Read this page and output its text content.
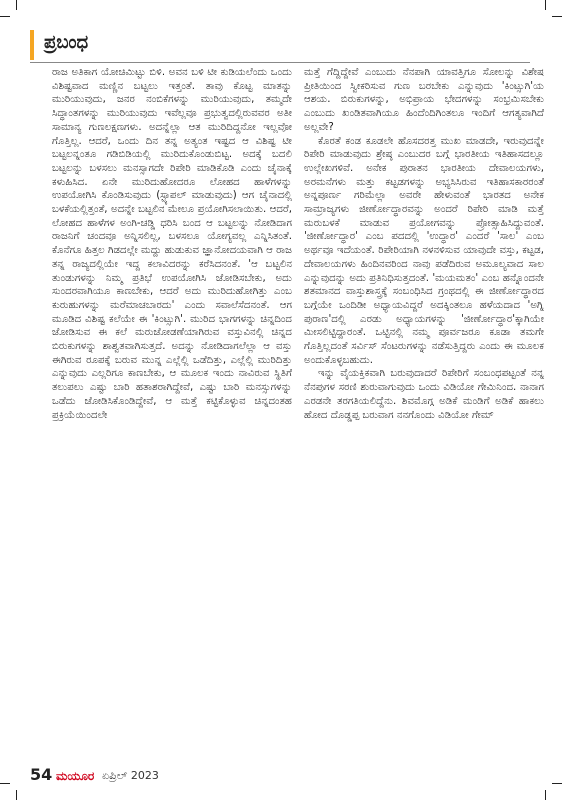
ಪ್ರಬಂಧ

ರಾಜ ಅತಿಕಾಗ ಯೋಚಿಮಿಟ್ಟು ಬಿಳಿ. ಅವನ ಬಳಿ ಟೀ ಕುಡಿಯಲೆಂದು ಒಂದು ವಿಶಿಷ್ಟವಾದ ಮಣ್ಣಿನ ಬಟ್ಟಲು ಇತ್ತಂತೆ. ತಾವು ಕೊಟ್ಟ ಮಾತನ್ನು ಮುರಿಯುವುದು, ಜನರ ನಂಬಿಕೆಗಳನ್ನು ಮುರಿಯುವುದು, ತಮ್ಮದೇ ಸಿದ್ಧಾಂತಗಳನ್ನು ಮುರಿಯುವುದು ಇವೆಲ್ಲವೂ ಪ್ರಭುತ್ವದಲ್ಲಿರುವವರ ಅತೀ ಸಾಮಾನ್ಯ ಗುಣಲಕ್ಷಣಗಳು. ಅದನ್ನೆಲ್ಲಾ ಆತ ಮುರಿದಿದ್ದನೋ ಇಲ್ಲವೋ ಗೊತ್ತಿಲ್ಲ. ಆದರೆ, ಒಂದು ದಿನ ತನ್ನ ಅತ್ಯಂತ ಇಷ್ಟದ ಆ ವಿಶಿಷ್ಟ ಟೀ ಬಟ್ಟಲನ್ನಂತೂ ಗಡಿಬಿಡಿಯಲ್ಲಿ ಮುರಿದುಕೊಂಡುಬಿಟ್ಟ. ಅದಕ್ಕೆ ಬದಲಿ ಬಟ್ಟಲನ್ನು ಬಳಸಲು ಮನಸ್ಸಾಗದೇ ರಿಪೇರಿ ಮಾಡಿಕೊಡಿ ಎಂದು ಚೈನಾಕ್ಕೆ ಕಳುಹಿಸಿದ. ಏನೇ ಮುರಿದುಹೋದರೂ ಲೋಹದ ಹಾಳೆಗಳನ್ನು ಉಪಯೋಗಿಸಿ ಕೊಂಡಿಸುವುದು (ಸ್ಟ್ಯಾಪಲ್ ಮಾಡುವುದು) ಆಗ ಚೈನಾದಲ್ಲಿ ಬಳಕೆಯಲ್ಲಿತ್ತಂತೆ, ಅದನ್ನೇ ಬಟ್ಟಲಿನ ಮೇಲೂ ಪ್ರಯೋಗಿಸಲಾಯಿತು. ಆದರೆ, ಲೋಹದ ಹಾಳೆಗಳ ಅಂಗಿ-ಚಡ್ಡಿ ಧರಿಸಿ ಬಂದ ಆ ಬಟ್ಟಲನ್ನು ನೋಡಿದಾಗ ರಾಜನಿಗೆ ಚಂದವೂ ಅನ್ನಿಸಲಿಲ್ಲ, ಬಳಸಲೂ ಯೋಗ್ಯವಲ್ಲ ಎನ್ನಿಸಿತಂತೆ. ಕೊನೆಗೂ ಹಿತ್ತಲ ಗಿಡದಲ್ಲೇ ಮದ್ದು ಹುಡುಕುವ ಜ್ಞಾನೋದಯವಾಗಿ ಆ ರಾಜ ತನ್ನ ರಾಜ್ಯದಲ್ಲಿಯೇ ಇದ್ದ ಕಲಾವಿದರನ್ನು ಕರೆಸಿದನಂತೆ. 'ಆ ಬಟ್ಟಲಿನ ತುಂಡುಗಳನ್ನು ನಿಮ್ಮ ಪ್ರತಿಭೆ ಉಪಯೋಗಿಸಿ ಜೋಡಿಸಬೇಕು, ಅದು ಸುಂದರವಾಗಿಯೂ ಕಾಣಬೇಕು, ಆದರೆ ಅದು ಮುರಿದುಹೋಗಿತ್ತು ಎಂಬ ಕುರುಹುಗಳನ್ನು ಮರೆಮಾಚಬಾರದು' ಎಂದು ಸವಾಲೆಸೆದನಂತೆ. ಆಗ ಮೂಡಿದ ವಿಶಿಷ್ಟ ಕಲೆಯೇ ಈ 'ಕಿಂಟ್ಸುಗಿ'. ಮುರಿದ ಭಾಗಗಳನ್ನು ಚಿನ್ನದಿಂದ ಜೋಡಿಸುವ ಈ ಕಲೆ ಮರುಜೋಡಣೆಯಾಗಿರುವ ವಸ್ತುವಿನಲ್ಲಿ ಚಿನ್ನದ ಬಿರುಕುಗಳನ್ನು ಶಾಶ್ವತವಾಗಿಸುತ್ತದೆ. ಅದನ್ನು ನೋಡಿದಾಗಲೆಲ್ಲಾ ಆ ವಸ್ತು ಈಗಿರುವ ರೂಪಕ್ಕೆ ಬರುವ ಮುನ್ನ ಎಲ್ಲೆಲ್ಲಿ ಒಡೆದಿತ್ತು, ಎಲ್ಲೆಲ್ಲಿ ಮುರಿದಿತ್ತು ಎನ್ನುವುದು ಎಲ್ಲರಿಗೂ ಕಾಣಬೇಕು, ಆ ಮೂಲಕ ಇಂದು ನಾವಿರುವ ಸ್ಥಿತಿಗೆ ತಲುಪಲು ಎಷ್ಟು ಬಾರಿ ಹತಾಶರಾಗಿದ್ದೇವೆ, ಎಷ್ಟು ಬಾರಿ ಮನಸ್ಸುಗಳನ್ನು ಒಡೆದು ಜೋಡಿಸಿಕೊಂಡಿದ್ದೇವೆ, ಆ ಮತ್ತೆ ಕಟ್ಟಿಕೊಳ್ಳುವ ಚಿನ್ನದಂತಹ ಪ್ರಕ್ರಿಯೆಯಿಂದಲೇ

ಮತ್ತೆ ಗೆದ್ದಿದ್ದೇವೆ ಎಂಬುದು ನೆನಪಾಗಿ ಯಾವತ್ತಿಗೂ ಸೋಲನ್ನು ವಿಶೇಷ ಪ್ರೀತಿಯಿಂದ ಸ್ವೀಕರಿಸುವ ಗುಣ ಬರಬೇಕು ಎನ್ನುವುದು 'ಕಿಂಟ್ಸುಗಿ'ಯ ಆಶಯ. ಬಿರುಕುಗಳನ್ನು, ಅಭಿಪ್ರಾಯ ಭೇದಗಳನ್ನು ಸಂಭ್ರಮಿಸಬೇಕು ಎಂಬುದು ಖಂಡಿತವಾಗಿಯೂ ಹಿಂದೆಂದಿಗಿಂತಲೂ ಇಂದಿಗೆ ಆಗತ್ಯವಾಗಿದೆ ಅಲ್ಲವೇ?

ಕೊರತೆ ಕಂಡ ಕೂಡಲೇ ಹೊಸದರತ್ತ ಮುಖ ಮಾಡದೇ, ಇರುವುದನ್ನೇ ರಿಪೇರಿ ಮಾಡುವುದು ಶ್ರೇಷ್ಠ ಎಂಬುದರ ಬಗ್ಗೆ ಭಾರತೀಯ ಇತಿಹಾಸದಲ್ಲೂ ಉಲ್ಲೇಖಗಳಿವೆ. ಅನೇಕ ಪುರಾತನ ಭಾರತೀಯ ದೇವಾಲಯಗಳು, ಅರಮನೆಗಳು ಮತ್ತು ಕಟ್ಟಡಗಳನ್ನು ಅಭ್ಯಸಿಸಿರುವ ಇತಿಹಾಸಕಾರರಂತೆ ಅನ್ನಪೂರ್ಣ ಗರಿಮೆಲ್ಲಾ ಅವರೇ ಹೇಳುವಂತೆ ಭಾರತದ ಅನೇಕ ಸಾಮ್ರಾಜ್ಯಗಳು ಜೀರ್ಣೋದ್ಧಾರವನ್ನು ಅಂದರೆ ರಿಪೇರಿ ಮಾಡಿ ಮತ್ತೆ ಮರುಬಳಕೆ ಮಾಡುವ ಪ್ರಯೋಗವನ್ನು ಪ್ರೋತ್ಸಾಹಿಸಿದ್ದುವಂತೆ. 'ಜೀರ್ಣೋದ್ಧಾರ' ಎಂಬ ಪದದಲ್ಲಿ 'ಉದ್ಧಾರ' ಎಂದರೆ 'ಸಾಲ' ಎಂಬ ಅರ್ಥವೂ ಇದೆಯಂತೆ. ರಿಪೇರಿಯಾಗಿ ನಳನಳಿಸುವ ಯಾವುದೇ ವಸ್ತು, ಕಟ್ಟಡ, ದೇವಾಲಯಗಳು ಹಿಂದಿನವರಿಂದ ನಾವು ಪಡೆದಿರುವ ಅಮೂಲ್ಯವಾದ ಸಾಲ ಎನ್ನುವುದನ್ನು ಅದು ಪ್ರತಿನಿಧಿಸುತ್ತದಂತೆ. 'ಮಯಮತಂ' ಎಂಬ ಹನ್ನೊಂದನೇ ಶತಮಾನದ ವಾಸ್ತುಶಾಸ್ತ್ರಕ್ಕೆ ಸಂಬಂಧಿಸಿದ ಗ್ರಂಥದಲ್ಲಿ ಈ ಜೀರ್ಣೋದ್ಧಾರದ ಬಗ್ಗೆಯೇ ಒಂದಿಡೀ ಅಧ್ಯಾಯವಿದ್ದರೆ ಅದಕ್ಕಿಂತಲೂ ಹಳೆಯದಾದ 'ಅಗ್ನಿ ಪುರಾಣ'ದಲ್ಲಿ ಎರಡು ಅಧ್ಯಾಯಗಳನ್ನು 'ಜೀರ್ಣೋದ್ಧಾರ'ಕ್ಕಾಗಿಯೇ ಮೀಸಲಿಟ್ಟಿದ್ದಾರಂತೆ. ಒಟ್ಟಿನಲ್ಲಿ ನಮ್ಮ ಪೂರ್ವಜರೂ ಕೂಡಾ ತಮಗೇ ಗೊತ್ತಿಲ್ಲದಂತೆ ಸರ್ವಿಸ್ ಸೆಂಟರುಗಳನ್ನು ನಡೆಸುತ್ತಿದ್ದರು ಎಂದು ಈ ಮೂಲಕ ಅಂದುಕೊಳ್ಳಬಹುದು.

ಇನ್ನು ವೈಯಕ್ತಿಕವಾಗಿ ಬರುವುದಾದರೆ ರಿಪೇರಿಗೆ ಸಂಬಂಧಪಟ್ಟಂತೆ ನನ್ನ ನೆನಪುಗಳ ಸರಣಿ ಶುರುವಾಗುವುದು ಒಂದು ವಿಡಿಯೋ ಗೇಮಿನಿಂದ. ನಾನಾಗ ಎರಡನೇ ತರಗತಿಯಲಿದ್ದೆನು. ಶಿವಮೊಗ್ಗ ಅಡಿಕೆ ಮಂಡಿಗೆ ಅಡಿಕೆ ಹಾಕಲು ಹೋದ ದೊಡ್ಡಪ್ಪ ಬರುವಾಗ ನನಗೊಂದು ವಿಡಿಯೋ ಗೇಮ್

54 ಮಯೂರ ಏಪ್ರಿಲ್ 2023
